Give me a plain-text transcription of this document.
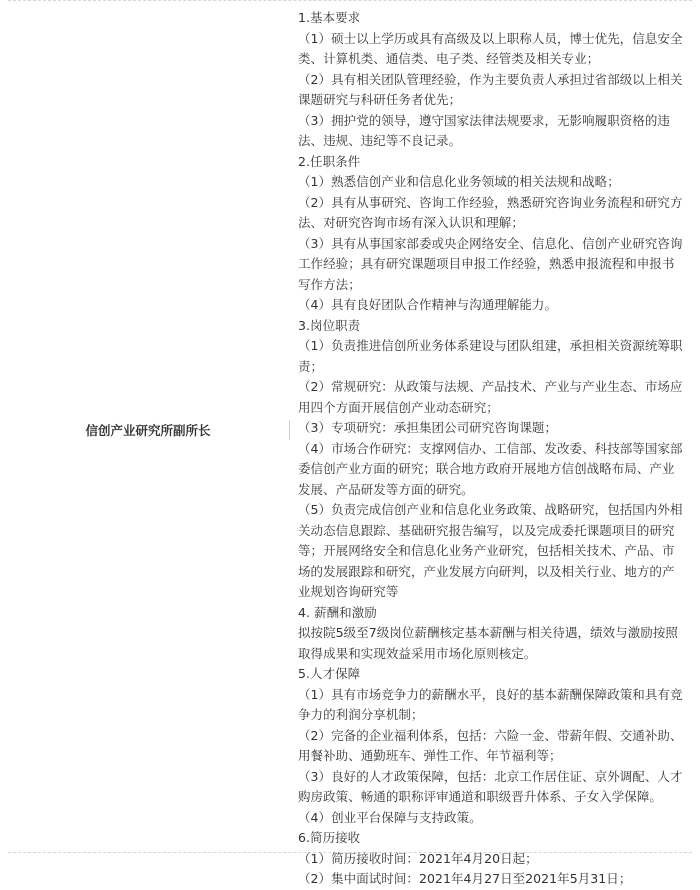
信创产业研究所副所长
1.基本要求
（1）硕士以上学历或具有高级及以上职称人员，博士优先，信息安全
类、计算机类、通信类、电子类、经管类及相关专业；
（2）具有相关团队管理经验，作为主要负责人承担过省部级以上相关
课题研究与科研任务者优先；
（3）拥护党的领导，遵守国家法律法规要求，无影响履职资格的违
法、违规、违纪等不良记录。
2.任职条件
（1）熟悉信创产业和信息化业务领域的相关法规和战略；
（2）具有从事研究、咨询工作经验，熟悉研究咨询业务流程和研究方
法、对研究咨询市场有深入认识和理解；
（3）具有从事国家部委或央企网络安全、信息化、信创产业研究咨询
工作经验；具有研究课题项目申报工作经验，熟悉申报流程和申报书
写作方法；
（4）具有良好团队合作精神与沟通理解能力。
3.岗位职责
（1）负责推进信创所业务体系建设与团队组建，承担相关资源统筹职
责；
（2）常规研究：从政策与法规、产品技术、产业与产业生态、市场应
用四个方面开展信创产业动态研究；
（3）专项研究：承担集团公司研究咨询课题；
（4）市场合作研究：支撑网信办、工信部、发改委、科技部等国家部
委信创产业方面的研究；联合地方政府开展地方信创战略布局、产业
发展、产品研发等方面的研究。
（5）负责完成信创产业和信息化业务政策、战略研究，包括国内外相
关动态信息跟踪、基础研究报告编写，以及完成委托课题项目的研究
等；开展网络安全和信息化业务产业研究，包括相关技术、产品、市
场的发展跟踪和研究，产业发展方向研判，以及相关行业、地方的产
业规划咨询研究等
4. 薪酬和激励
拟按院5级至7级岗位薪酬核定基本薪酬与相关待遇，绩效与激励按照
取得成果和实现效益采用市场化原则核定。
5.人才保障
（1）具有市场竞争力的薪酬水平，良好的基本薪酬保障政策和具有竞
争力的利润分享机制；
（2）完备的企业福利体系，包括：六险一金、带薪年假、交通补助、
用餐补助、通勤班车、弹性工作、年节福利等；
（3）良好的人才政策保障，包括：北京工作居住证、京外调配、人才
购房政策、畅通的职称评审通道和职级晋升体系、子女入学保障。
（4）创业平台保障与支持政策。
6.简历接收
（1）简历接收时间：2021年4月20日起；
（2）集中面试时间：2021年4月27日至2021年5月31日；
